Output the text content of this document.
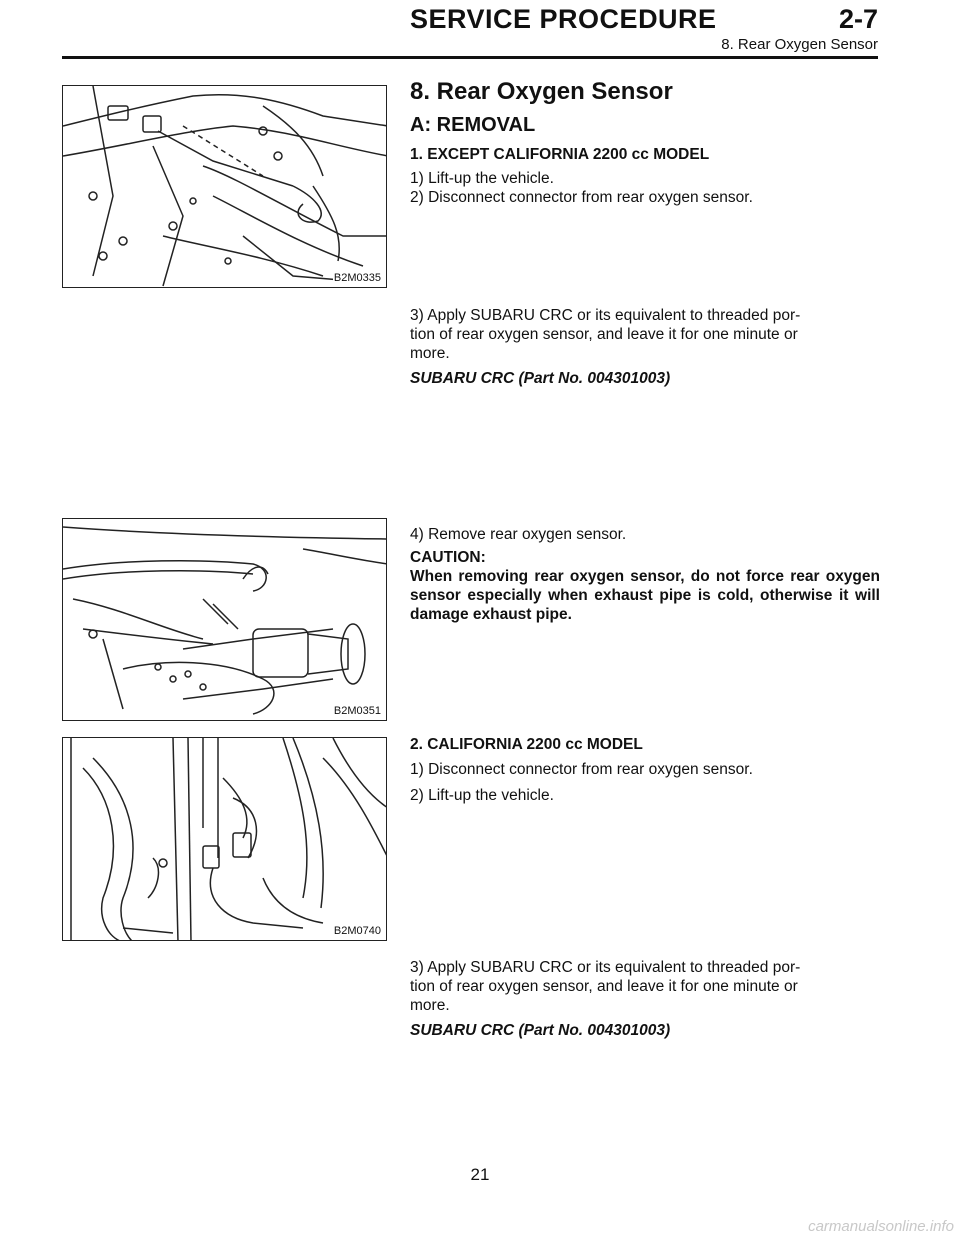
SERVICE PROCEDURE	2-7
8. Rear Oxygen Sensor
B2M0335
B2M0351
B2M0740
8. Rear Oxygen Sensor
A: REMOVAL
1. EXCEPT CALIFORNIA 2200 cc MODEL
1) Lift-up the vehicle.
2) Disconnect connector from rear oxygen sensor.
3) Apply SUBARU CRC or its equivalent to threaded por-
tion of rear oxygen sensor, and leave it for one minute or
more.
SUBARU CRC (Part No. 004301003)
4) Remove rear oxygen sensor.
CAUTION:
When removing rear oxygen sensor, do not force rear oxygen sensor especially when exhaust pipe is cold, otherwise it will damage exhaust pipe.
2. CALIFORNIA 2200 cc MODEL
1) Disconnect connector from rear oxygen sensor.
2) Lift-up the vehicle.
3) Apply SUBARU CRC or its equivalent to threaded por-
tion of rear oxygen sensor, and leave it for one minute or
more.
SUBARU CRC (Part No. 004301003)
21
carmanualsonline.info
